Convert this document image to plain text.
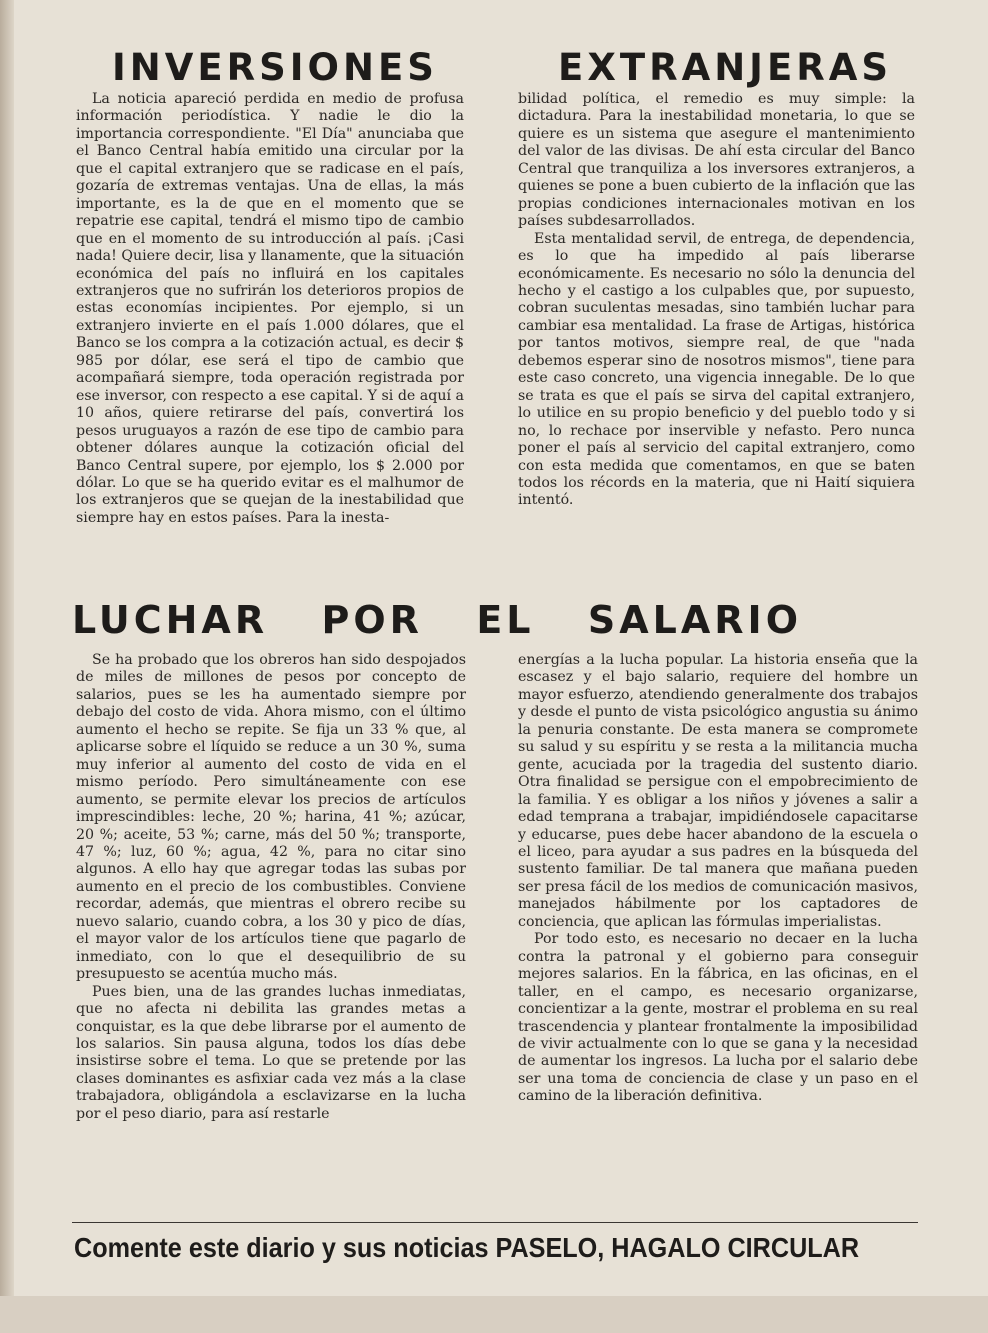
INVERSIONES	EXTRANJERAS

La noticia apareció perdida en medio de profusa información periodística. Y nadie le dio la importancia correspondiente. "El Día" anunciaba que el Banco Central había emitido una circular por la que el capital extranjero que se radicase en el país, gozaría de extremas ventajas. Una de ellas, la más importante, es la de que en el momento que se repatrie ese capital, tendrá el mismo tipo de cambio que en el momento de su introducción al país. ¡Casi nada! Quiere decir, lisa y llanamente, que la situación económica del país no influirá en los capitales extranjeros que no sufrirán los deterioros propios de estas economías incipientes. Por ejemplo, si un extranjero invierte en el país 1.000 dólares, que el Banco se los compra a la cotización actual, es decir $ 985 por dólar, ese será el tipo de cambio que acompañará siempre, toda operación registrada por ese inversor, con respecto a ese capital. Y si de aquí a 10 años, quiere retirarse del país, convertirá los pesos uruguayos a razón de ese tipo de cambio para obtener dólares aunque la cotización oficial del Banco Central supere, por ejemplo, los $ 2.000 por dólar. Lo que se ha querido evitar es el malhumor de los extranjeros que se quejan de la inestabilidad que siempre hay en estos países. Para la inesta-

bilidad política, el remedio es muy simple: la dictadura. Para la inestabilidad monetaria, lo que se quiere es un sistema que asegure el mantenimiento del valor de las divisas. De ahí esta circular del Banco Central que tranquiliza a los inversores extranjeros, a quienes se pone a buen cubierto de la inflación que las propias condiciones internacionales motivan en los países subdesarrollados.

Esta mentalidad servil, de entrega, de dependencia, es lo que ha impedido al país liberarse económicamente. Es necesario no sólo la denuncia del hecho y el castigo a los culpables que, por supuesto, cobran suculentas mesadas, sino también luchar para cambiar esa mentalidad. La frase de Artigas, histórica por tantos motivos, siempre real, de que "nada debemos esperar sino de nosotros mismos", tiene para este caso concreto, una vigencia innegable. De lo que se trata es que el país se sirva del capital extranjero, lo utilice en su propio beneficio y del pueblo todo y si no, lo rechace por inservible y nefasto. Pero nunca poner el país al servicio del capital extranjero, como con esta medida que comentamos, en que se baten todos los récords en la materia, que ni Haití siquiera intentó.

LUCHAR POR EL SALARIO

Se ha probado que los obreros han sido despojados de miles de millones de pesos por concepto de salarios, pues se les ha aumentado siempre por debajo del costo de vida. Ahora mismo, con el último aumento el hecho se repite. Se fija un 33 % que, al aplicarse sobre el líquido se reduce a un 30 %, suma muy inferior al aumento del costo de vida en el mismo período. Pero simultáneamente con ese aumento, se permite elevar los precios de artículos imprescindibles: leche, 20 %; harina, 41 %; azúcar, 20 %; aceite, 53 %; carne, más del 50 %; transporte, 47 %; luz, 60 %; agua, 42 %, para no citar sino algunos. A ello hay que agregar todas las subas por aumento en el precio de los combustibles. Conviene recordar, además, que mientras el obrero recibe su nuevo salario, cuando cobra, a los 30 y pico de días, el mayor valor de los artículos tiene que pagarlo de inmediato, con lo que el desequilibrio de su presupuesto se acentúa mucho más.

Pues bien, una de las grandes luchas inmediatas, que no afecta ni debilita las grandes metas a conquistar, es la que debe librarse por el aumento de los salarios. Sin pausa alguna, todos los días debe insistirse sobre el tema. Lo que se pretende por las clases dominantes es asfixiar cada vez más a la clase trabajadora, obligándola a esclavizarse en la lucha por el peso diario, para así restarle

energías a la lucha popular. La historia enseña que la escasez y el bajo salario, requiere del hombre un mayor esfuerzo, atendiendo generalmente dos trabajos y desde el punto de vista psicológico angustia su ánimo la penuria constante. De esta manera se compromete su salud y su espíritu y se resta a la militancia mucha gente, acuciada por la tragedia del sustento diario. Otra finalidad se persigue con el empobrecimiento de la familia. Y es obligar a los niños y jóvenes a salir a edad temprana a trabajar, impidiéndosele capacitarse y educarse, pues debe hacer abandono de la escuela o el liceo, para ayudar a sus padres en la búsqueda del sustento familiar. De tal manera que mañana pueden ser presa fácil de los medios de comunicación masivos, manejados hábilmente por los captadores de conciencia, que aplican las fórmulas imperialistas.

Por todo esto, es necesario no decaer en la lucha contra la patronal y el gobierno para conseguir mejores salarios. En la fábrica, en las oficinas, en el taller, en el campo, es necesario organizarse, concientizar a la gente, mostrar el problema en su real trascendencia y plantear frontalmente la imposibilidad de vivir actualmente con lo que se gana y la necesidad de aumentar los ingresos. La lucha por el salario debe ser una toma de conciencia de clase y un paso en el camino de la liberación definitiva.

Comente este diario y sus noticias PASELO, HAGALO CIRCULAR
